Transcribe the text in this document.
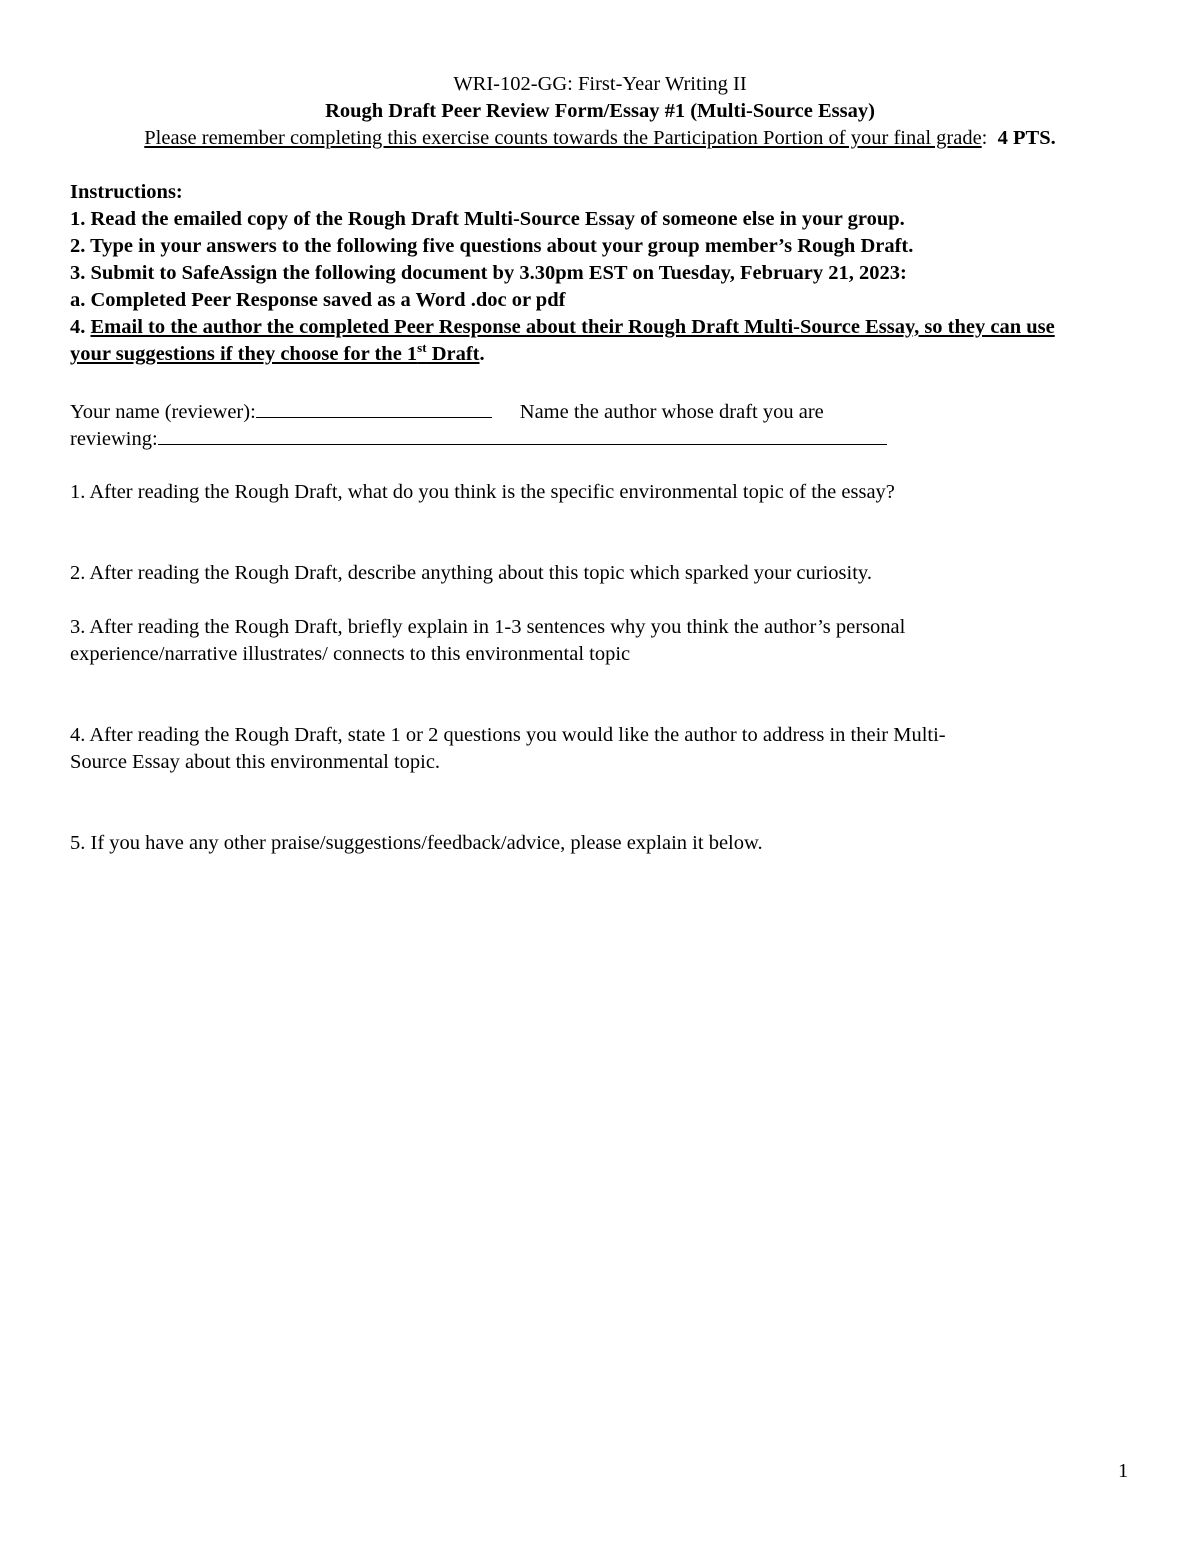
WRI-102-GG: First-Year Writing II
Rough Draft Peer Review Form/Essay #1 (Multi-Source Essay)
Please remember completing this exercise counts towards the Participation Portion of your final grade: 4 PTS.
Instructions:
1. Read the emailed copy of the Rough Draft Multi-Source Essay of someone else in your group.
2. Type in your answers to the following five questions about your group member’s Rough Draft.
3. Submit to SafeAssign the following document by 3.30pm EST on Tuesday, February 21, 2023:
a. Completed Peer Response saved as a Word .doc or pdf
4. Email to the author the completed Peer Response about their Rough Draft Multi-Source Essay, so they can use your suggestions if they choose for the 1st Draft.
Your name (reviewer):	Name the author whose draft you are
reviewing:
1. After reading the Rough Draft, what do you think is the specific environmental topic of the essay?
2. After reading the Rough Draft, describe anything about this topic which sparked your curiosity.
3. After reading the Rough Draft, briefly explain in 1-3 sentences why you think the author’s personal
experience/narrative illustrates/ connects to this environmental topic
4. After reading the Rough Draft, state 1 or 2 questions you would like the author to address in their Multi-
Source Essay about this environmental topic.
5. If you have any other praise/suggestions/feedback/advice, please explain it below.
1
